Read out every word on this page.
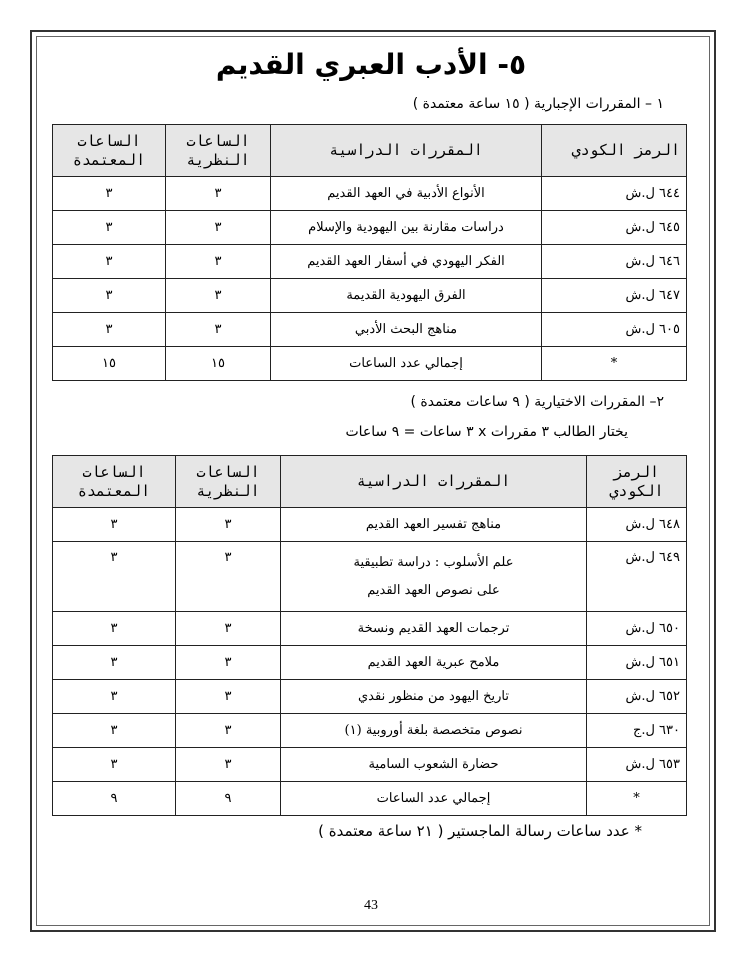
٥- الأدب العبري القديم
١ – المقررات الإجبارية ( ١٥ ساعة معتمدة )
الرمز الكودي	المقررات الدراسية	الساعات النظرية	الساعات المعتمدة
٦٤٤ ل.ش	الأنواع الأدبية في العهد القديم	٣	٣
٦٤٥ ل.ش	دراسات مقارنة بين اليهودية والإسلام	٣	٣
٦٤٦ ل.ش	الفكر اليهودي في أسفار العهد القديم	٣	٣
٦٤٧ ل.ش	الفرق اليهودية القديمة	٣	٣
٦٠٥ ل.ش	مناهج البحث الأدبي	٣	٣
*	إجمالي عدد الساعات	١٥	١٥
٢– المقررات الاختيارية ( ٩ ساعات معتمدة )
يختار الطالب ٣ مقررات x ٣ ساعات = ٩ ساعات
الرمز الكودي	المقررات الدراسية	الساعات النظرية	الساعات المعتمدة
٦٤٨ ل.ش	مناهج تفسير العهد القديم	٣	٣
٦٤٩ ل.ش	علم الأسلوب : دراسة تطبيقية
على نصوص العهد القديم	٣	٣
٦٥٠ ل.ش	ترجمات العهد القديم ونسخة	٣	٣
٦٥١ ل.ش	ملامح عبرية العهد القديم	٣	٣
٦٥٢ ل.ش	تاريخ اليهود من منظور نقدي	٣	٣
٦٣٠ ل.ج	نصوص متخصصة بلغة أوروبية (١)	٣	٣
٦٥٣ ل.ش	حضارة الشعوب السامية	٣	٣
*	إجمالي عدد الساعات	٩	٩
* عدد ساعات رسالة الماجستير ( ٢١ ساعة معتمدة )
43
